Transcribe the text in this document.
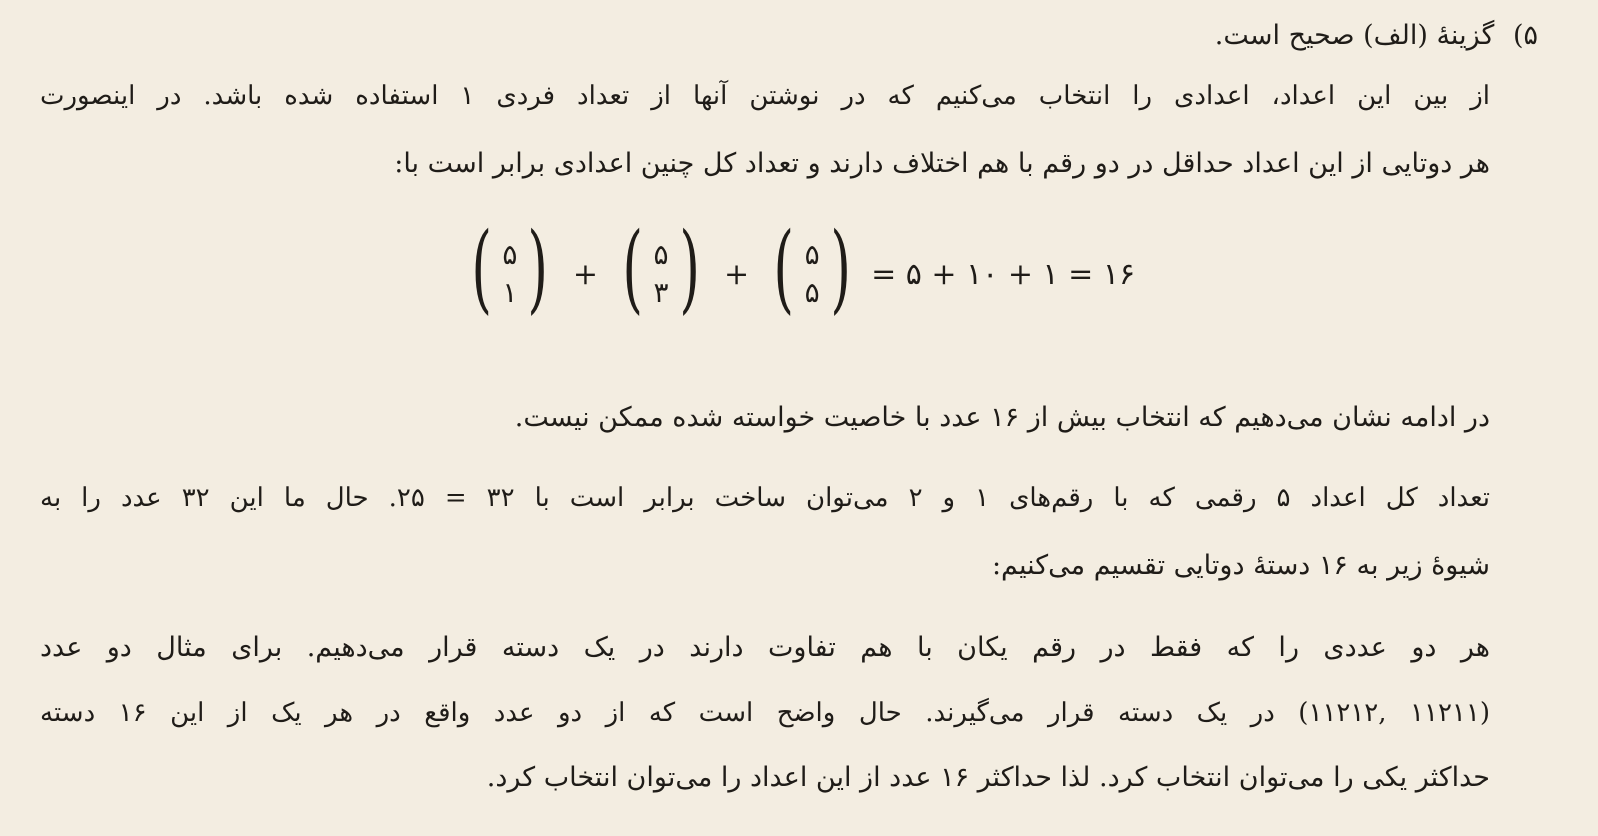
۵) گزینهٔ (الف) صحیح است.
از بین این اعداد، اعدادی را انتخاب می‌کنیم که در نوشتن آنها از تعداد فردی ۱ استفاده شده باشد. در اینصورت
هر دوتایی از این اعداد حداقل در دو رقم با هم اختلاف دارند و تعداد کل چنین اعدادی برابر است با:
( ۵
۱ ) + ( ۵
۳ ) + ( ۵
۵ ) = ۵ + ۱۰ + ۱ = ۱۶
در ادامه نشان می‌دهیم که انتخاب بیش از ۱۶ عدد با خاصیت خواسته شده ممکن نیست.
تعداد کل اعداد ۵ رقمی که با رقم‌های ۱ و ۲ می‌توان ساخت برابر است با ۳۲ = ۲۵. حال ما این ۳۲ عدد را به
شیوهٔ زیر به ۱۶ دستهٔ دوتایی تقسیم می‌کنیم:
هر دو عددی را که فقط در رقم یکان با هم تفاوت دارند در یک دسته قرار می‌دهیم. برای مثال دو عدد
(۱۱۲۱۱ ,۱۱۲۱۲) در یک دسته قرار می‌گیرند. حال واضح است که از دو عدد واقع در هر یک از این ۱۶ دسته
حداکثر یکی را می‌توان انتخاب کرد. لذا حداکثر ۱۶ عدد از این اعداد را می‌توان انتخاب کرد.
